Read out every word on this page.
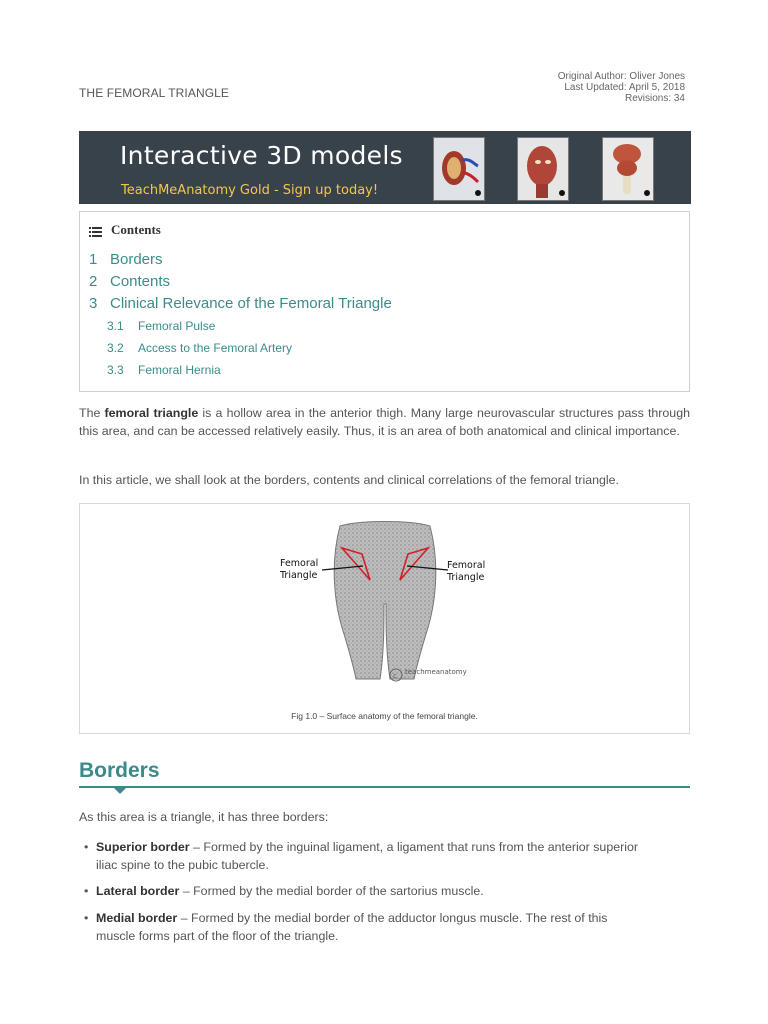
Original Author: Oliver Jones
Last Updated: April 5, 2018
Revisions: 34
THE FEMORAL TRIANGLE
Interactive 3D models
TeachMeAnatomy Gold - Sign up today!
Contents
1 Borders
2 Contents
3 Clinical Relevance of the Femoral Triangle
3.1 Femoral Pulse
3.2 Access to the Femoral Artery
3.3 Femoral Hernia

The femoral triangle is a hollow area in the anterior thigh. Many large neurovascular structures pass through this area, and can be accessed relatively easily. Thus, it is an area of both anatomical and clinical importance.

In this article, we shall look at the borders, contents and clinical correlations of the femoral triangle.

c
Femoral Triangle
Femoral Triangle
teachmeanatomy
Fig 1.0 – Surface anatomy of the femoral triangle.
Borders

As this area is a triangle, it has three borders:

• Superior border – Formed by the inguinal ligament, a ligament that runs from the anterior superior iliac spine to the pubic tubercle.
• Lateral border – Formed by the medial border of the sartorius muscle.
• Medial border – Formed by the medial border of the adductor longus muscle. The rest of this muscle forms part of the floor of the triangle.
